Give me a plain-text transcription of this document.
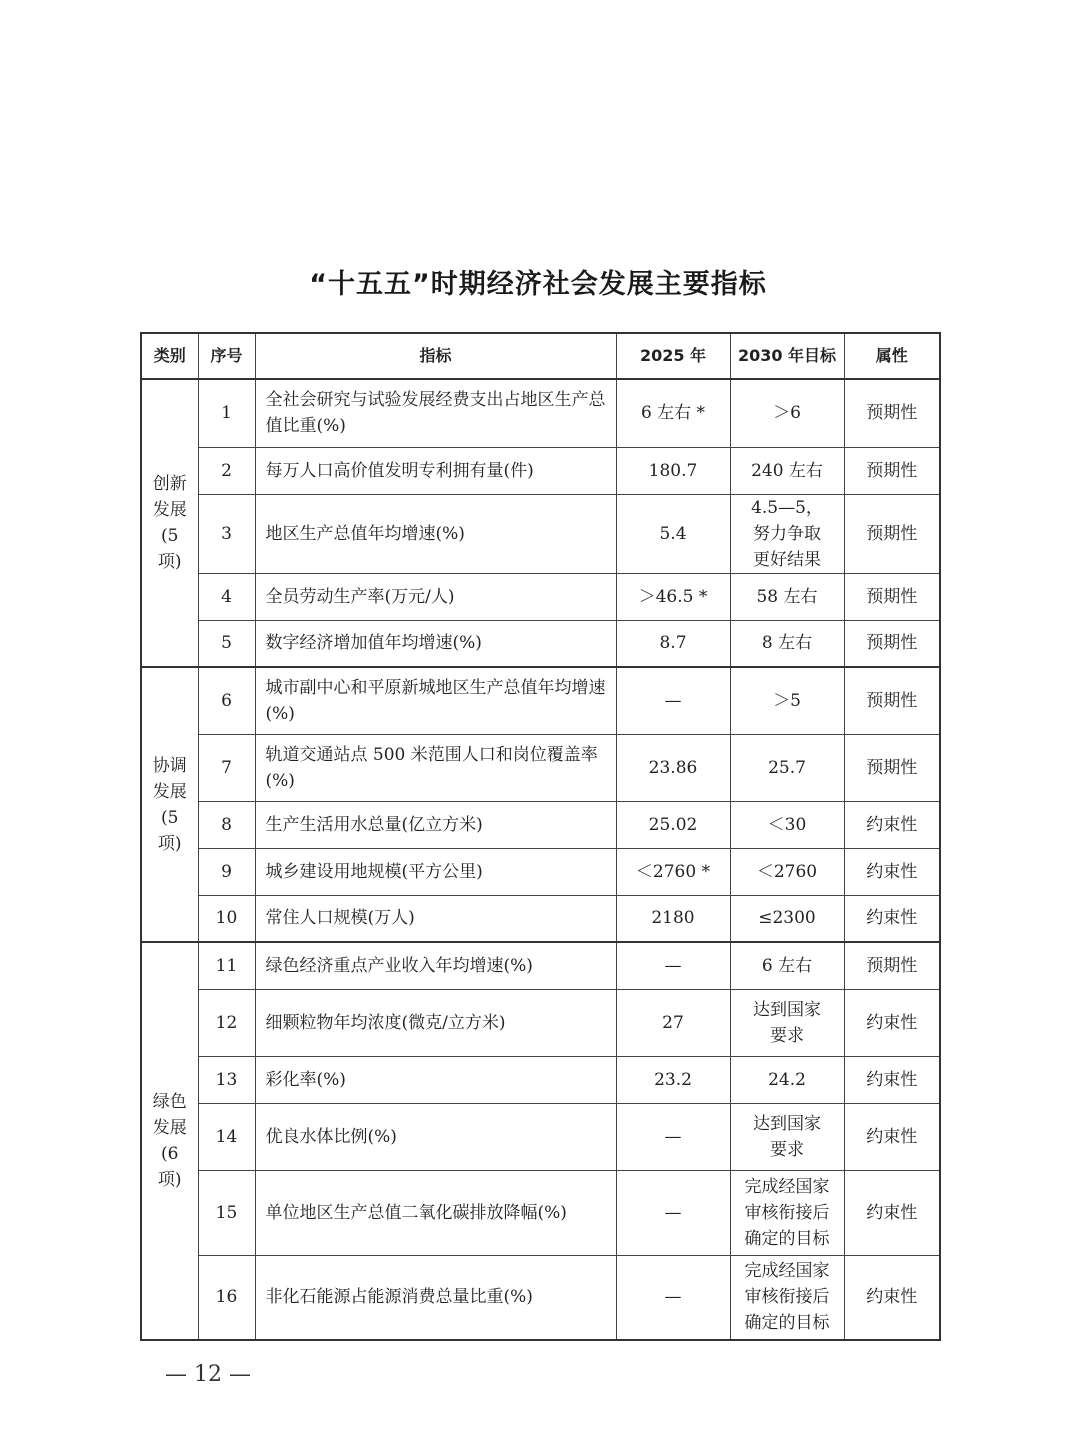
“十五五”时期经济社会发展主要指标
类别	序号	指标	2025 年	2030 年目标	属性
创新
发展
(5 项)	1	全社会研究与试验发展经费支出占地区生产总值比重(%)	6 左右 *	＞6	预期性
	2	每万人口高价值发明专利拥有量(件)	180.7	240 左右	预期性
	3	地区生产总值年均增速(%)	5.4	4.5—5，
努力争取
更好结果	预期性
	4	全员劳动生产率(万元/人)	＞46.5 *	58 左右	预期性
	5	数字经济增加值年均增速(%)	8.7	8 左右	预期性
协调
发展
(5 项)	6	城市副中心和平原新城地区生产总值年均增速(%)	—	＞5	预期性
	7	轨道交通站点 500 米范围人口和岗位覆盖率(%)	23.86	25.7	预期性
	8	生产生活用水总量(亿立方米)	25.02	＜30	约束性
	9	城乡建设用地规模(平方公里)	＜2760 *	＜2760	约束性
	10	常住人口规模(万人)	2180	≤2300	约束性
绿色
发展
(6 项)	11	绿色经济重点产业收入年均增速(%)	—	6 左右	预期性
	12	细颗粒物年均浓度(微克/立方米)	27	达到国家
要求	约束性
	13	彩化率(%)	23.2	24.2	约束性
	14	优良水体比例(%)	—	达到国家
要求	约束性
	15	单位地区生产总值二氧化碳排放降幅(%)	—	完成经国家
审核衔接后
确定的目标	约束性
	16	非化石能源占能源消费总量比重(%)	—	完成经国家
审核衔接后
确定的目标	约束性
— 12 —
